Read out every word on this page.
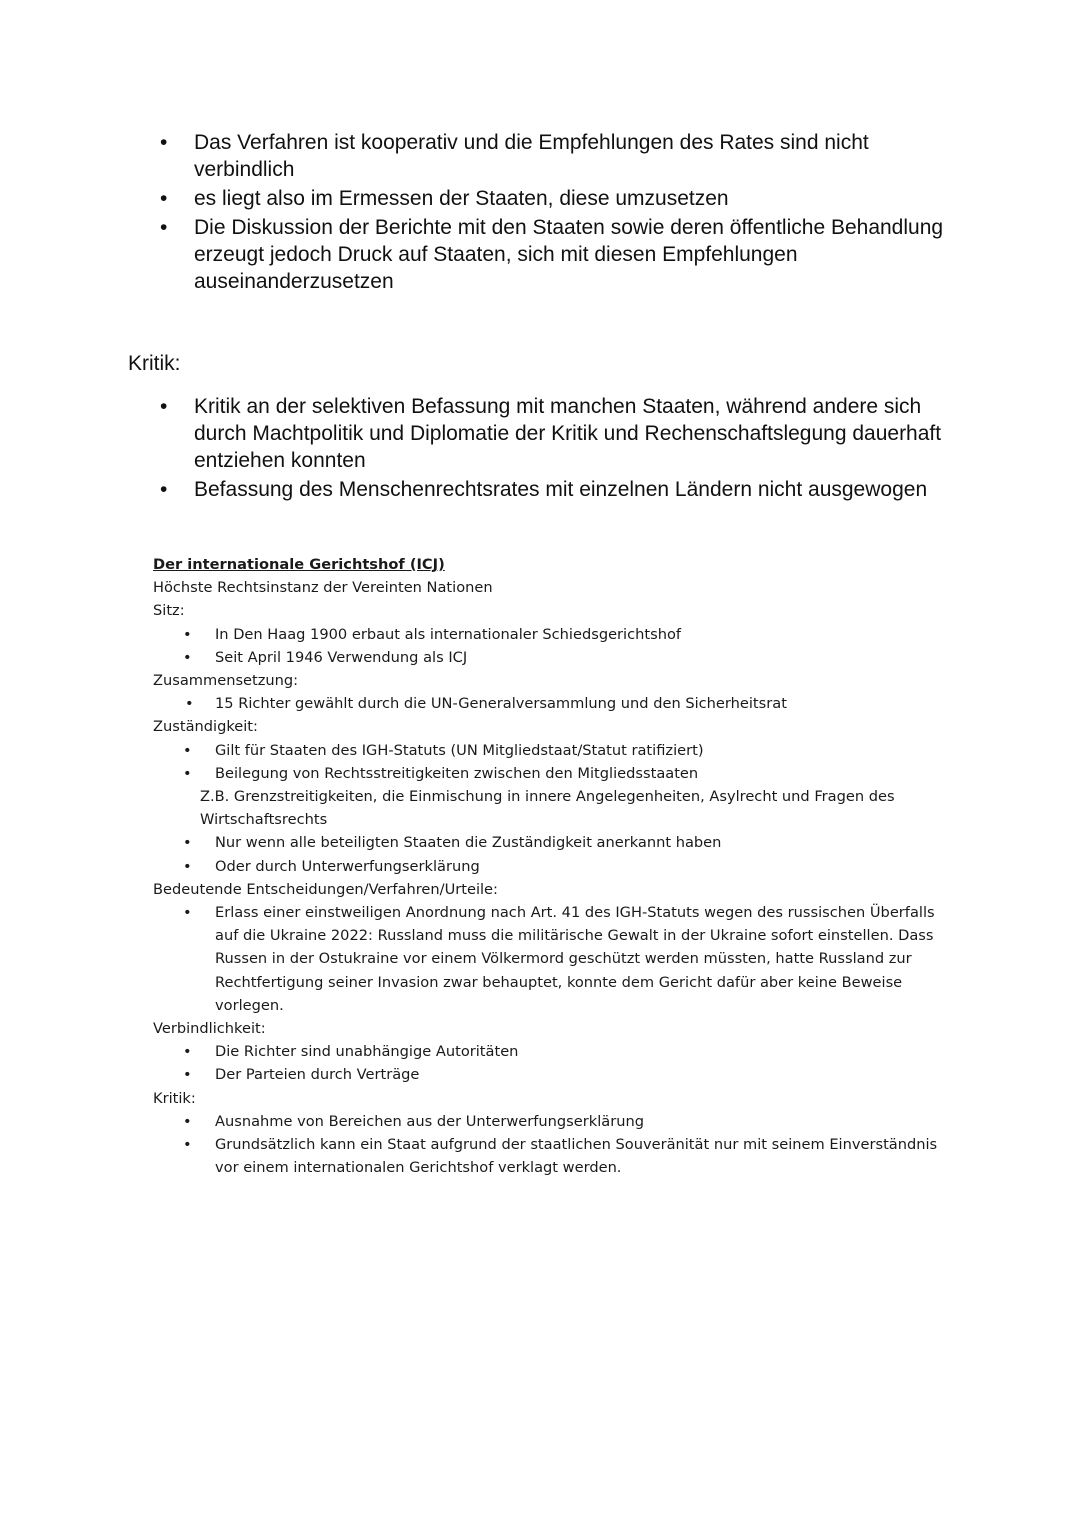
• Das Verfahren ist kooperativ und die Empfehlungen des Rates sind nicht verbindlich
• es liegt also im Ermessen der Staaten, diese umzusetzen
• Die Diskussion der Berichte mit den Staaten sowie deren öffentliche Behandlung erzeugt jedoch Druck auf Staaten, sich mit diesen Empfehlungen auseinanderzusetzen
Kritik:
• Kritik an der selektiven Befassung mit manchen Staaten, während andere sich durch Machtpolitik und Diplomatie der Kritik und Rechenschaftslegung dauerhaft entziehen konnten
• Befassung des Menschenrechtsrates mit einzelnen Ländern nicht ausgewogen
Der internationale Gerichtshof (ICJ)

Höchste Rechtsinstanz der Vereinten Nationen

Sitz:

• In Den Haag 1900 erbaut als internationaler Schiedsgerichtshof
• Seit April 1946 Verwendung als ICJ

Zusammensetzung:

• 15 Richter gewählt durch die UN-Generalversammlung und den Sicherheitsrat

Zuständigkeit:

• Gilt für Staaten des IGH-Statuts (UN Mitgliedstaat/Statut ratifiziert)
• Beilegung von Rechtsstreitigkeiten zwischen den Mitgliedsstaaten

Z.B. Grenzstreitigkeiten, die Einmischung in innere Angelegenheiten, Asylrecht und Fragen des Wirtschaftsrechts

• Nur wenn alle beteiligten Staaten die Zuständigkeit anerkannt haben
• Oder durch Unterwerfungserklärung

Bedeutende Entscheidungen/Verfahren/Urteile:

• Erlass einer einstweiligen Anordnung nach Art. 41 des IGH-Statuts wegen des russischen Überfalls auf die Ukraine 2022: Russland muss die militärische Gewalt in der Ukraine sofort einstellen. Dass Russen in der Ostukraine vor einem Völkermord geschützt werden müssten, hatte Russland zur Rechtfertigung seiner Invasion zwar behauptet, konnte dem Gericht dafür aber keine Beweise vorlegen.

Verbindlichkeit:

• Die Richter sind unabhängige Autoritäten
• Der Parteien durch Verträge

Kritik:

• Ausnahme von Bereichen aus der Unterwerfungserklärung
• Grundsätzlich kann ein Staat aufgrund der staatlichen Souveränität nur mit seinem Einverständnis vor einem internationalen Gerichtshof verklagt werden.
